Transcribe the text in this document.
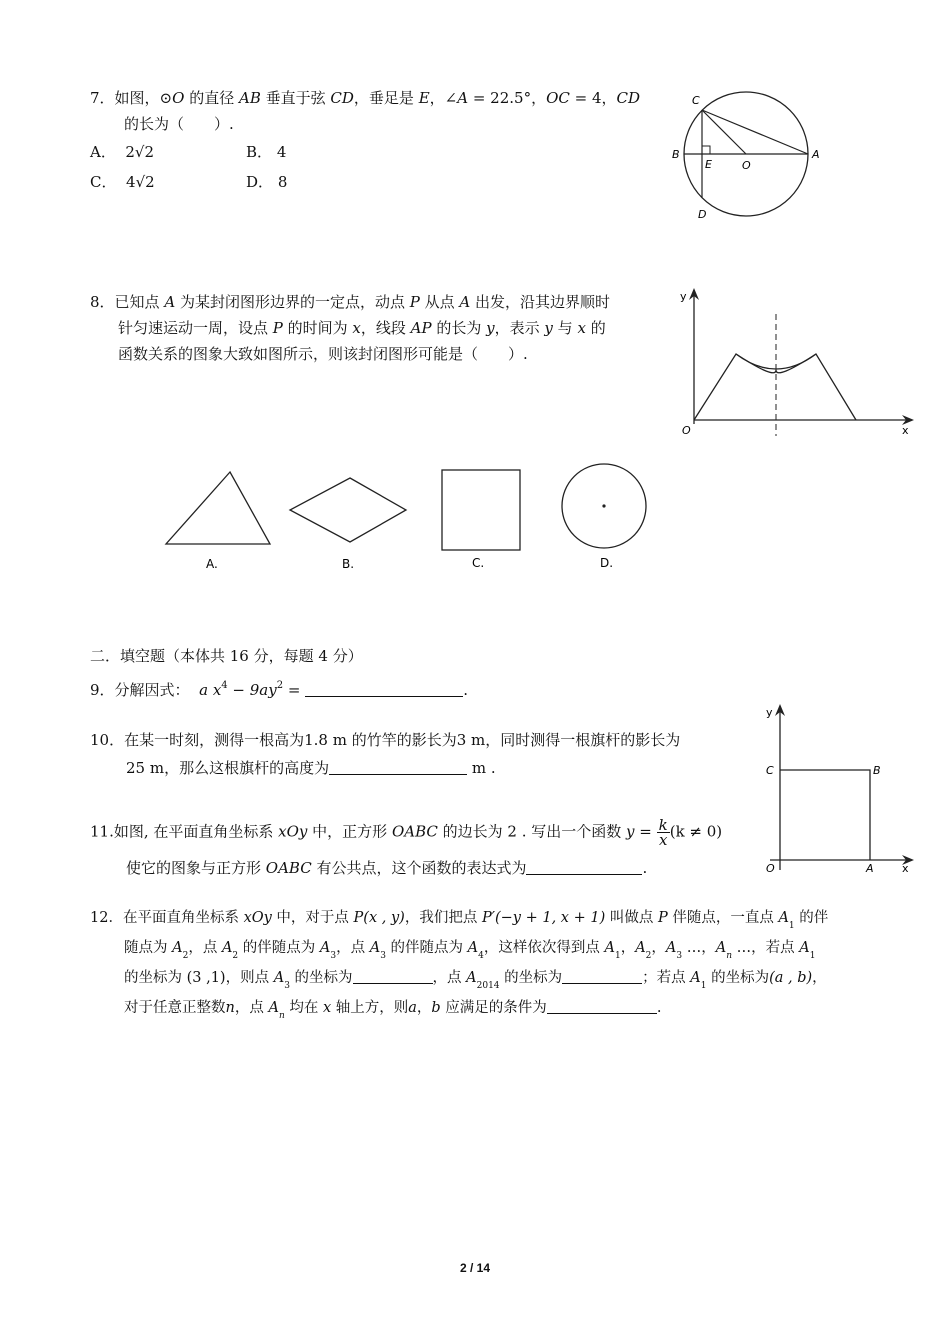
7．如图，⊙O 的直径 AB 垂直于弦 CD，垂足是 E，∠A = 22.5°，OC = 4，CD
的长为（　　）.
A． 2√2	B． 4
C． 4√2	D． 8
C
B
E	O
A
D
8．已知点 A 为某封闭图形边界的一定点，动点 P 从点 A 出发，沿其边界顺时
针匀速运动一周，设点 P 的时间为 x，线段 AP 的长为 y，表示 y 与 x 的
函数关系的图象大致如图所示，则该封闭图形可能是（　　）.
y
O	x
A.	B.	C.	D.
二．填空题（本体共 16 分，每题 4 分）
9．分解因式： a $x^4 - 9ay^2$ =	.
10．在某一时刻，测得一根高为1.8 m 的竹竿的影长为3 m，同时测得一根旗杆的影长为
25 m，那么这根旗杆的高度为	m .
11.如图, 在平面直角坐标系 xOy 中，正方形 OABC 的边长为 2 . 写出一个函数 $y = \frac{k}{x} (k \ne 0)$
使它的图象与正方形 OABC 有公共点，这个函数的表达式为	.
y
C	B
O	A	x
12．在平面直角坐标系 xOy 中，对于点 P(x , y)，我们把点 P′(−y + 1, x + 1) 叫做点 P 伴随点，一直点 $A_1$ 的伴
随点为 $A_2$，点 $A_2$ 的伴随点为 $A_3$，点 $A_3$ 的伴随点为 $A_4$，这样依次得到点 $A_1$，$A_2$，$A_3$ …，$A_n$ …，若点 $A_1$
的坐标为 (3 ,1)，则点 $A_3$ 的坐标为	，点 $A_{2014}$ 的坐标为	；若点 $A_1$ 的坐标为(a , b)，
对于任意正整数n，点 $A_n$ 均在 x 轴上方，则a，b 应满足的条件为	.
2 / 14
